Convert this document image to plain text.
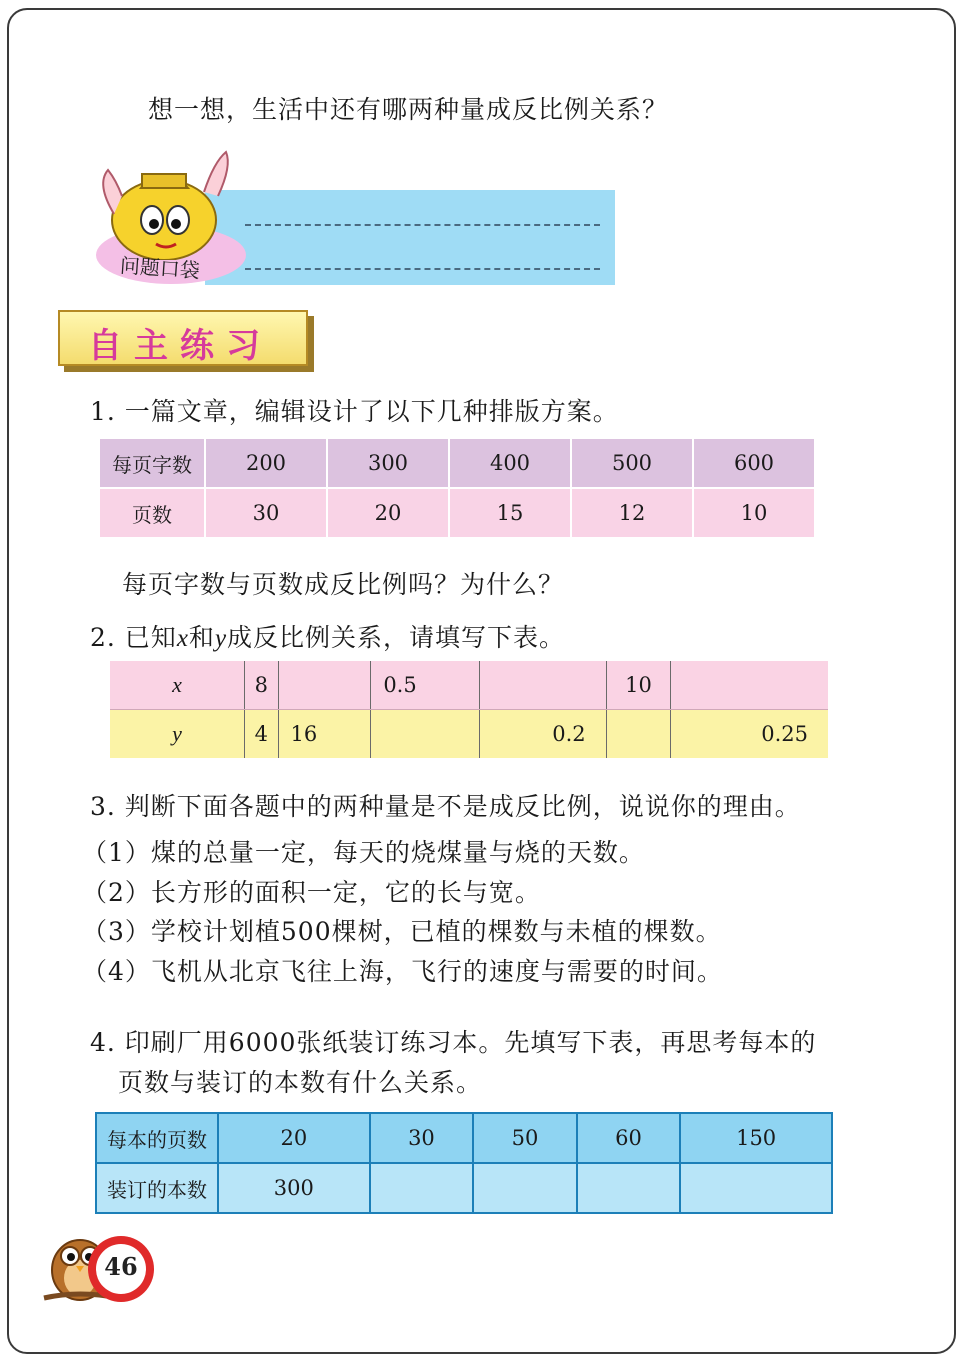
想一想，生活中还有哪两种量成反比例关系？
问题口袋
自主练习
1. 一篇文章，编辑设计了以下几种排版方案。
每页字数	200	300	400	500	600
页数	30	20	15	12	10
每页字数与页数成反比例吗？为什么？
2. 已知x和y成反比例关系，请填写下表。
x	8		0.5		10	
y	4	16		0.2		0.25
3. 判断下面各题中的两种量是不是成反比例，说说你的理由。
（1）煤的总量一定，每天的烧煤量与烧的天数。
（2）长方形的面积一定，它的长与宽。
（3）学校计划植500棵树，已植的棵数与未植的棵数。
（4）飞机从北京飞往上海，飞行的速度与需要的时间。
4. 印刷厂用6000张纸装订练习本。先填写下表，再思考每本的
页数与装订的本数有什么关系。
每本的页数	20	30	50	60	150
装订的本数	300				
46
